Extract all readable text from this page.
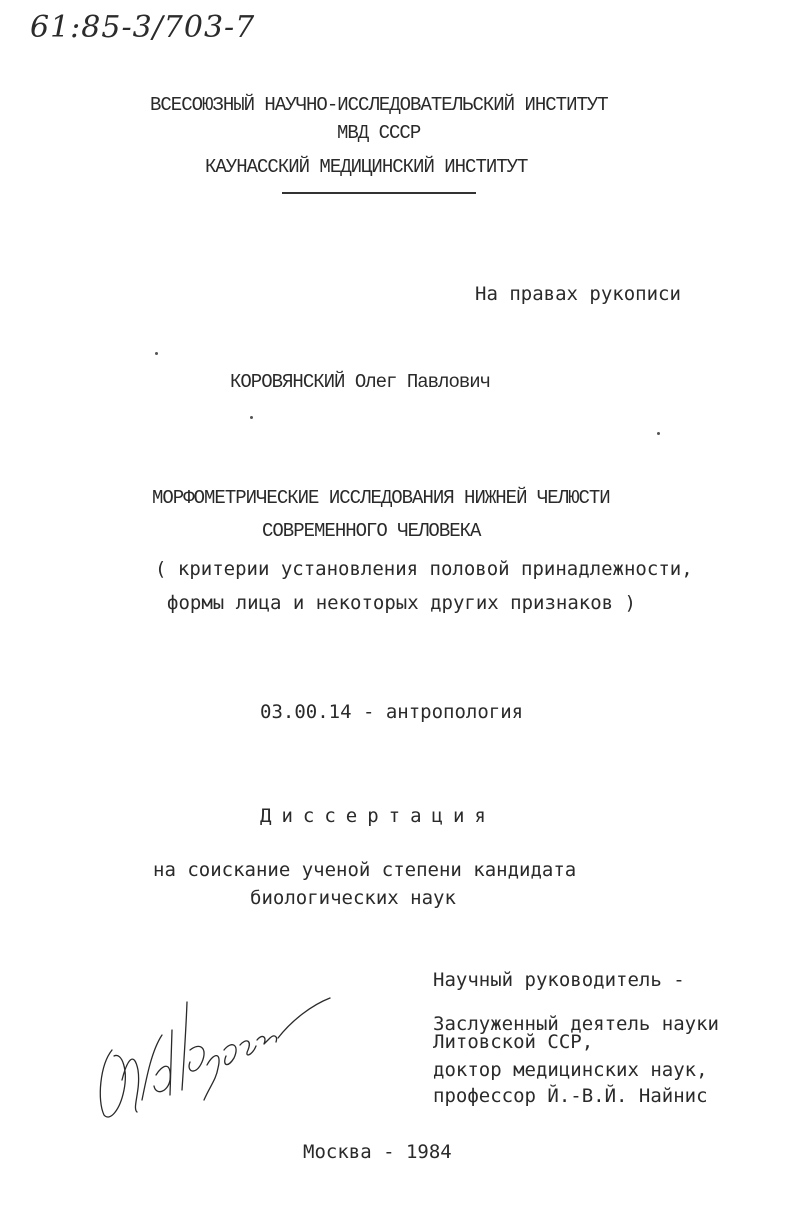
61:85-3/703-7
ВСЕСОЮЗНЫЙ НАУЧНО-ИССЛЕДОВАТЕЛЬСКИЙ ИНСТИТУТ
МВД СССР
КАУНАССКИЙ МЕДИЦИНСКИЙ ИНСТИТУТ
На правах рукописи
КОРОВЯНСКИЙ Олег Павлович
МОРФОМЕТРИЧЕСКИЕ ИССЛЕДОВАНИЯ НИЖНЕЙ ЧЕЛЮСТИ
СОВРЕМЕННОГО ЧЕЛОВЕКА
( критерии установления половой принадлежности,
формы лица и некоторых других признаков )
03.00.14 - антропология
Диссертация
на соискание ученой степени кандидата
биологических наук
Научный руководитель -
Заслуженный деятель науки
Литовской ССР,
доктор медицинских наук,
профессор Й.-В.Й. Найнис
Коровянский
Москва - 1984
